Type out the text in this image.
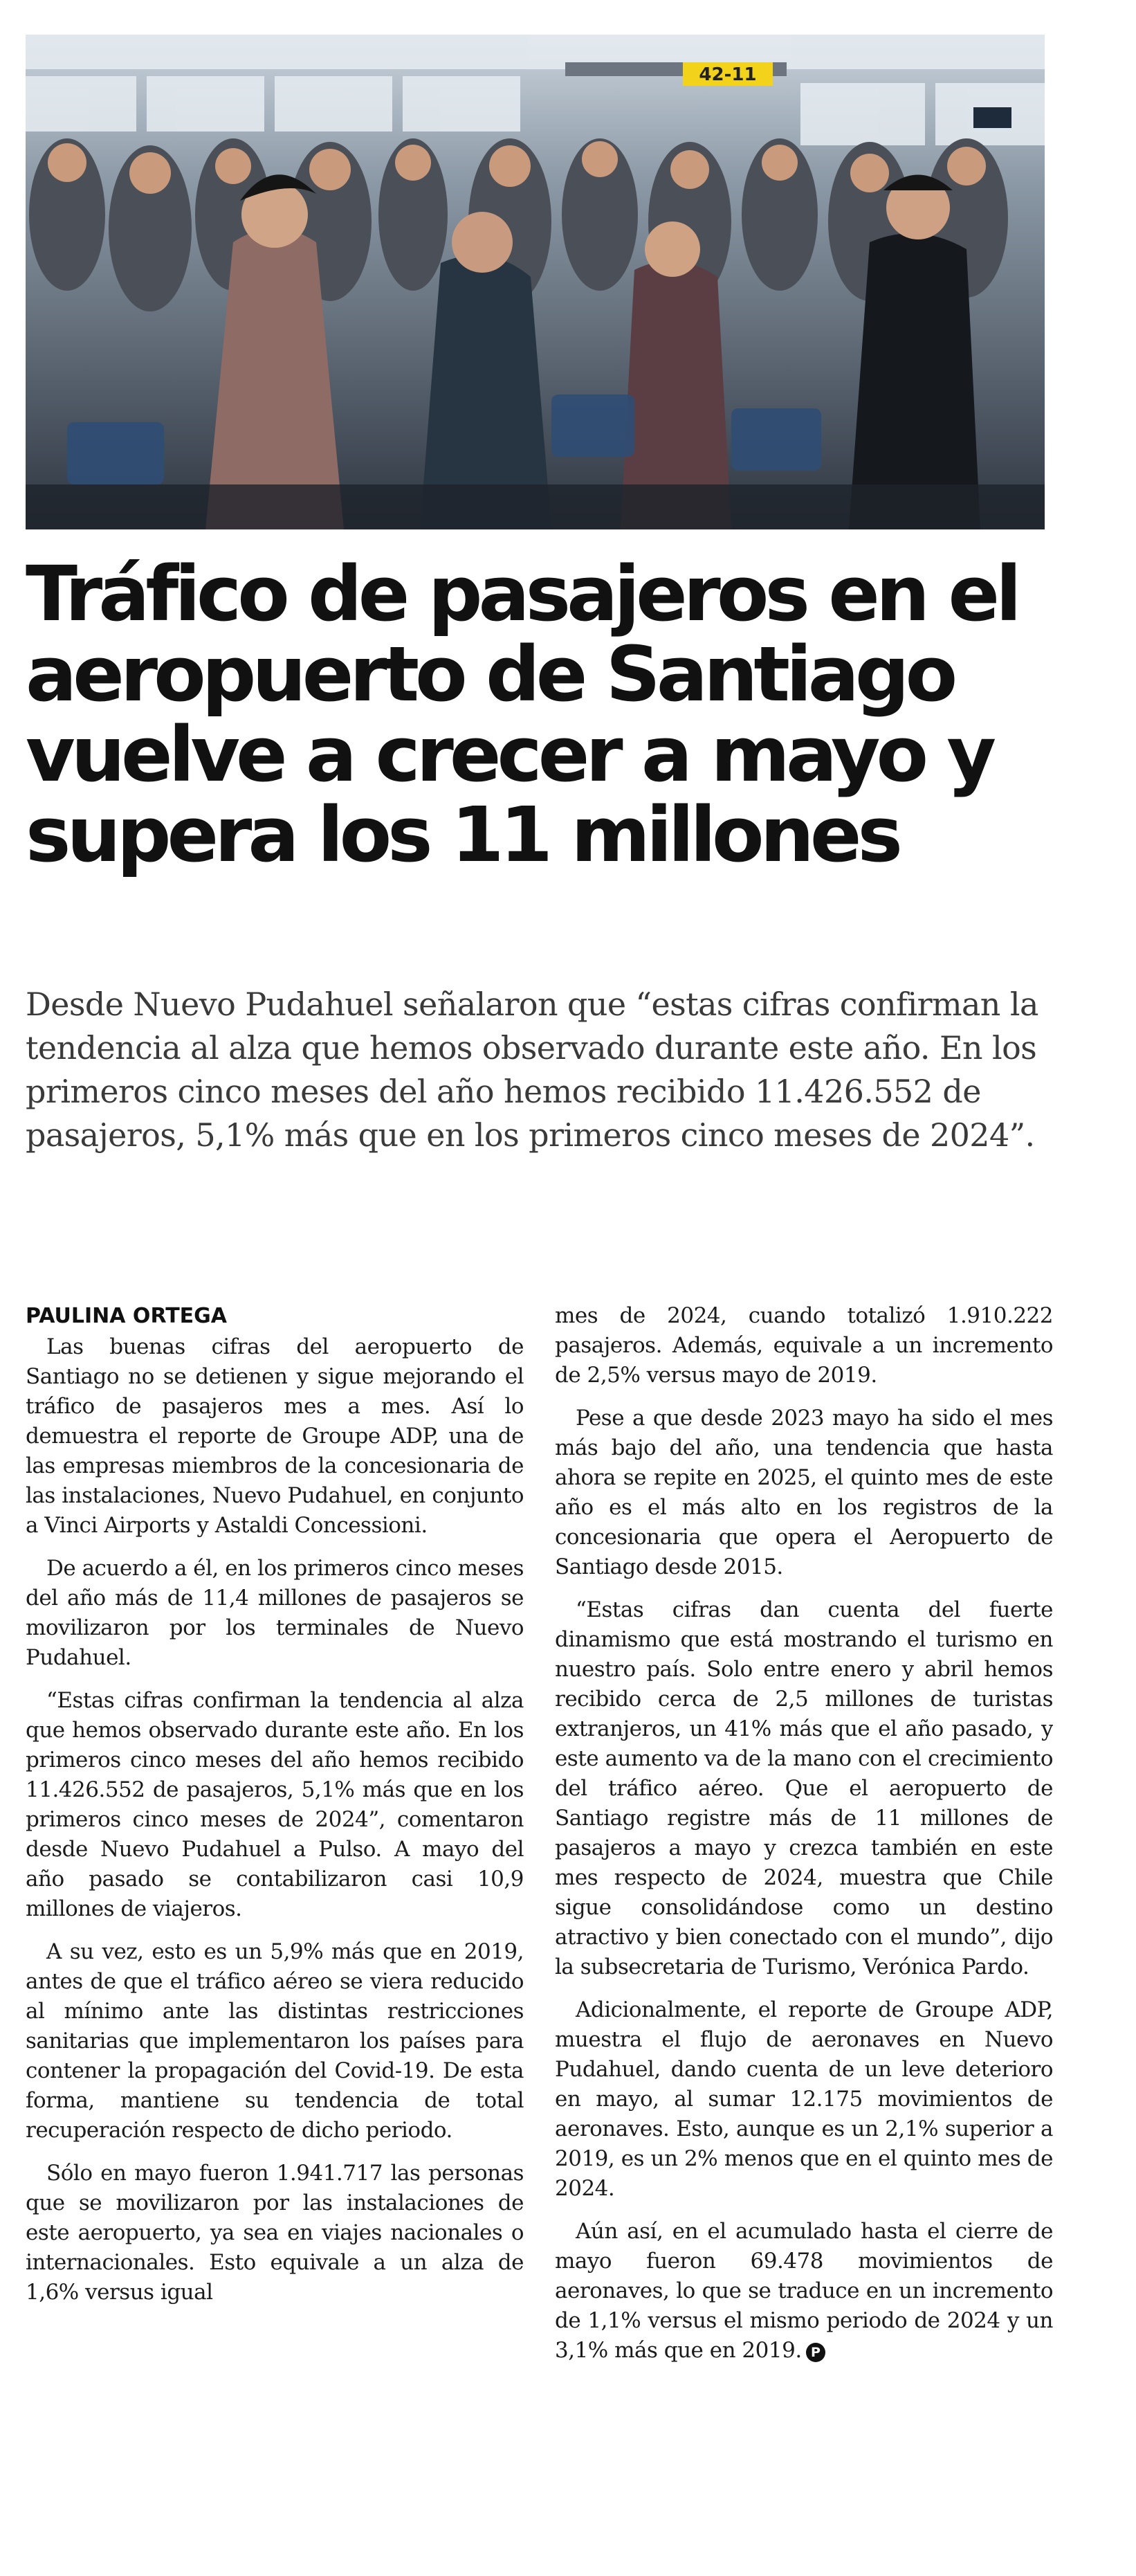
42-11
Tráfico de pasajeros en el aeropuerto de Santiago vuelve a crecer a mayo y supera los 11 millones

Desde Nuevo Pudahuel señalaron que “estas cifras confirman la tendencia al alza que hemos observado durante este año. En los primeros cinco meses del año hemos recibido 11.426.552 de pasajeros, 5,1% más que en los primeros cinco meses de 2024”.

PAULINA ORTEGA

Las buenas cifras del aeropuerto de Santiago no se detienen y sigue mejorando el tráfico de pasajeros mes a mes. Así lo demuestra el reporte de Groupe ADP, una de las empresas miembros de la concesionaria de las instalaciones, Nuevo Pudahuel, en conjunto a Vinci Airports y Astaldi Concessioni.

De acuerdo a él, en los primeros cinco meses del año más de 11,4 millones de pasajeros se movilizaron por los terminales de Nuevo Pudahuel.

“Estas cifras confirman la tendencia al alza que hemos observado durante este año. En los primeros cinco meses del año hemos recibido 11.426.552 de pasajeros, 5,1% más que en los primeros cinco meses de 2024”, comentaron desde Nuevo Pudahuel a Pulso. A mayo del año pasado se contabilizaron casi 10,9 millones de viajeros.

A su vez, esto es un 5,9% más que en 2019, antes de que el tráfico aéreo se viera reducido al mínimo ante las distintas restricciones sanitarias que implementaron los países para contener la propagación del Covid-19. De esta forma, mantiene su tendencia de total recuperación respecto de dicho periodo.

Sólo en mayo fueron 1.941.717 las personas que se movilizaron por las instalaciones de este aeropuerto, ya sea en viajes nacionales o internacionales. Esto equivale a un alza de 1,6% versus igual

mes de 2024, cuando totalizó 1.910.222 pasajeros. Además, equivale a un incremento de 2,5% versus mayo de 2019.

Pese a que desde 2023 mayo ha sido el mes más bajo del año, una tendencia que hasta ahora se repite en 2025, el quinto mes de este año es el más alto en los registros de la concesionaria que opera el Aeropuerto de Santiago desde 2015.

“Estas cifras dan cuenta del fuerte dinamismo que está mostrando el turismo en nuestro país. Solo entre enero y abril hemos recibido cerca de 2,5 millones de turistas extranjeros, un 41% más que el año pasado, y este aumento va de la mano con el crecimiento del tráfico aéreo. Que el aeropuerto de Santiago registre más de 11 millones de pasajeros a mayo y crezca también en este mes respecto de 2024, muestra que Chile sigue consolidándose como un destino atractivo y bien conectado con el mundo”, dijo la subsecretaria de Turismo, Verónica Pardo.

Adicionalmente, el reporte de Groupe ADP, muestra el flujo de aeronaves en Nuevo Pudahuel, dando cuenta de un leve deterioro en mayo, al sumar 12.175 movimientos de aeronaves. Esto, aunque es un 2,1% superior a 2019, es un 2% menos que en el quinto mes de 2024.

Aún así, en el acumulado hasta el cierre de mayo fueron 69.478 movimientos de aeronaves, lo que se traduce en un incremento de 1,1% versus el mismo periodo de 2024 y un 3,1% más que en 2019. P
